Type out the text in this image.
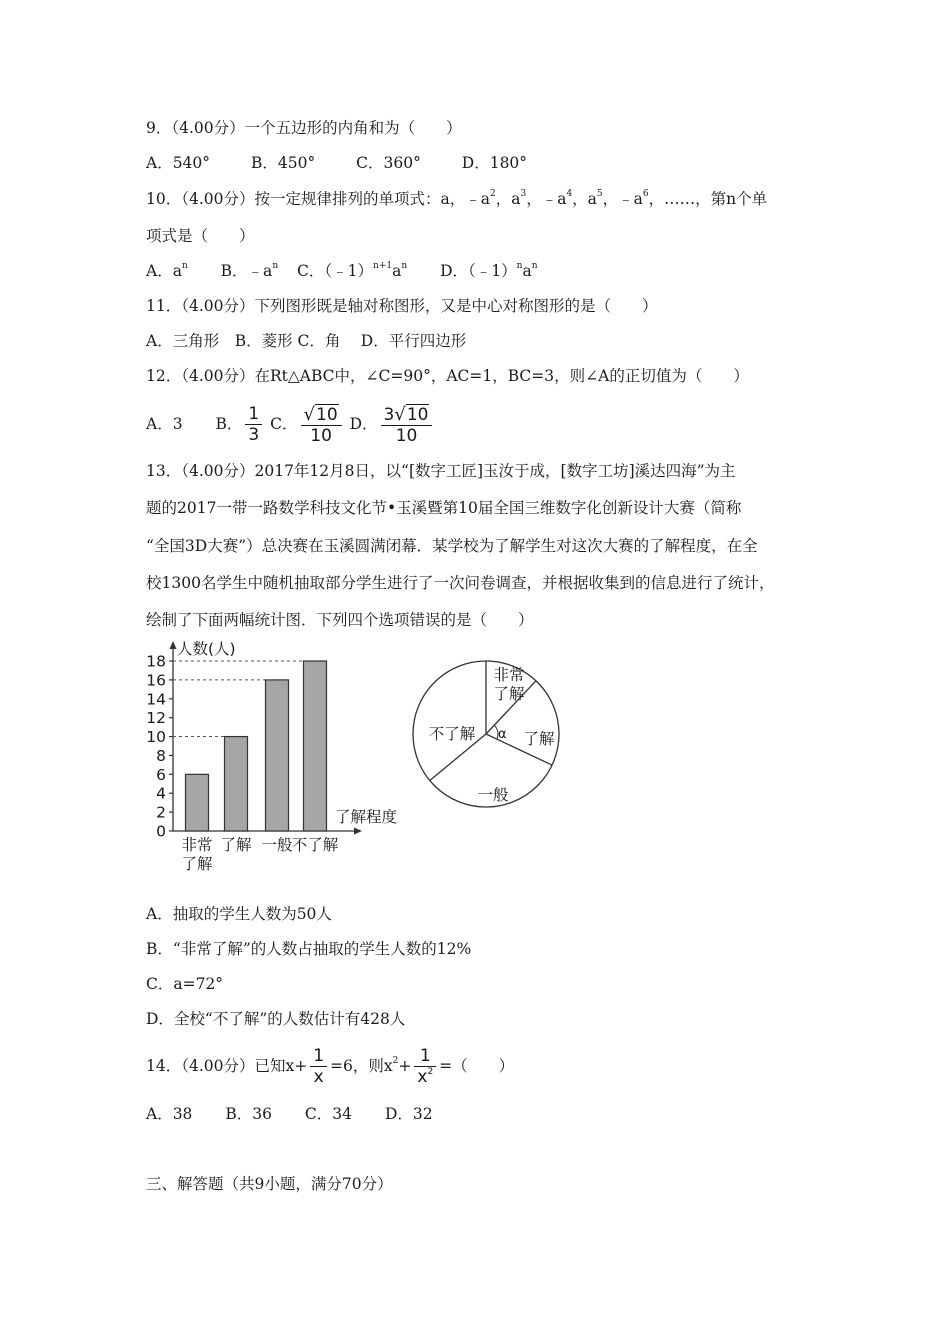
9．（4.00分）一个五边形的内角和为（　　）
A．540°	B．450°	C．360°	D．180°
10．（4.00分）按一定规律排列的单项式：a，$﹣a^2$，$a^3$，$﹣a^4$，$a^5$，$﹣a^6$，……，第n个单
项式是（　　）
A．$a^n$ B．$﹣a^n$ C．$(﹣1)^{n+1}a^n$ D．$(﹣1)^na^n$
11．（4.00分）下列图形既是轴对称图形，又是中心对称图形的是（　　）
A．三角形　B．菱形 C．角　 D．平行四边形
12．（4.00分）在Rt△ABC中，∠C=90°，AC=1，BC=3，则∠A的正切值为（　　）
A．3 B． $\frac{1}{3}$ C． $\frac{√10}{10}$ D． $\frac{3√10}{10}$
13．（4.00分）2017年12月8日，以“[数字工匠]玉汝于成，[数字工坊]溪达四海”为主
题的2017一带一路数学科技文化节•玉溪暨第10届全国三维数字化创新设计大赛（简称
“全国3D大赛”）总决赛在玉溪圆满闭幕．某学校为了解学生对这次大赛的了解程度，在全
校1300名学生中随机抽取部分学生进行了一次问卷调查，并根据收集到的信息进行了统计，
绘制了下面两幅统计图．下列四个选项错误的是（　　）
0
2
4
6
8
10
12
14
16
18
非常了解
了解 一般 不了解
人数(人)
了解程度
非常了解
了解
一般
不了解 α
A．抽取的学生人数为50人
B．“非常了解”的人数占抽取的学生人数的12%
C．a=72°
D．全校“不了解”的人数估计有428人
14．（4.00分）已知$x+ \frac{1}{x} =6$，则$x^2+ \frac{1}{x^2}$ =（　　）
A．38 B．36 C．34 D．32
三、解答题（共9小题，满分70分）
